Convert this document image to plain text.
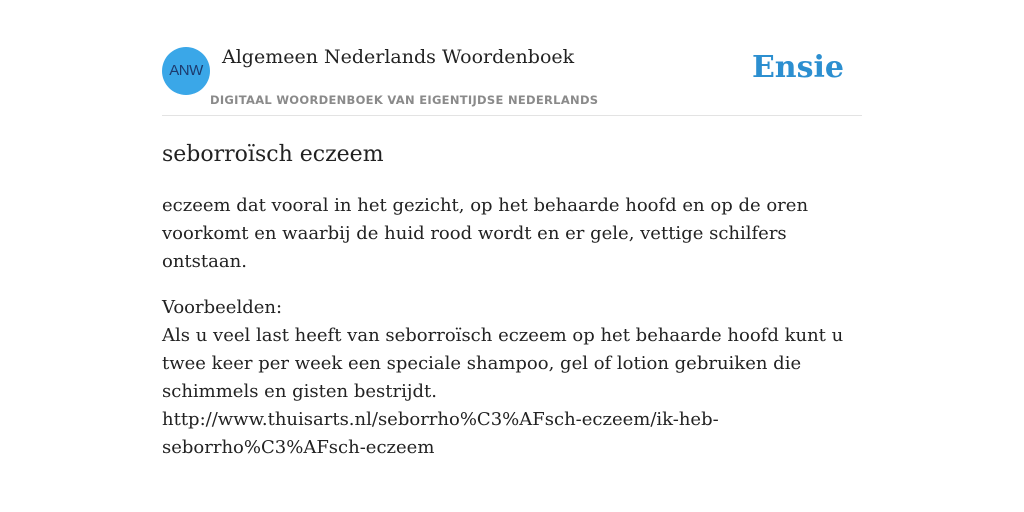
ANW
Algemeen Nederlands Woordenboek
DIGITAAL WOORDENBOEK VAN EIGENTIJDSE NEDERLANDS
Ensie
seborroïsch eczeem

eczeem dat vooral in het gezicht, op het behaarde hoofd en op de oren voorkomt en waarbij de huid rood wordt en er gele, vettige schilfers ontstaan.

Voorbeelden:
Als u veel last heeft van seborroïsch eczeem op het behaarde hoofd kunt u twee keer per week een speciale shampoo, gel of lotion gebruiken die schimmels en gisten bestrijdt.
http://www.thuisarts.nl/seborrho%C3%AFsch-eczeem/ik-heb-
seborrho%C3%AFsch-eczeem
